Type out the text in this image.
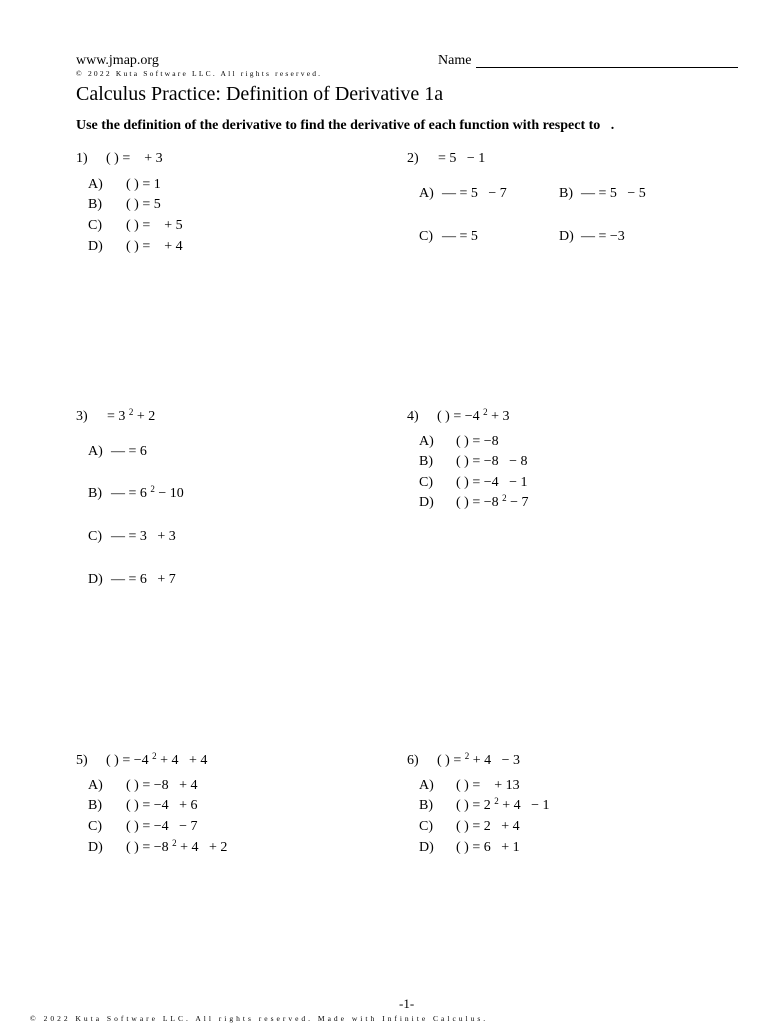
www.jmap.org	Name
© 2022 Kuta Software LLC. All rights reserved.
Calculus Practice: Definition of Derivative 1a
Use the definition of the derivative to find the derivative of each function with respect to   .
1) ( ) =    + 3
A) ( ) = 1
B) ( ) = 5
C) ( ) =    + 5
D) ( ) =    + 4
2) = 5   − 1
A) — = 5   − 7	B) — = 5   − 5
C) — = 5	D) — = −3
3) = 3 $^2$ + 2
A) — = 6
B) — = 6 $^2$ − 10
C) — = 3   + 3
D) — = 6   + 7
4) ( ) = −4 $^2$ + 3
A) ( ) = −8
B) ( ) = −8   − 8
C) ( ) = −4   − 1
D) ( ) = −8 $^2$ − 7
5) ( ) = −4 $^2$ + 4   + 4
A) ( ) = −8   + 4
B) ( ) = −4   + 6
C) ( ) = −4   − 7
D) ( ) = −8 $^2$ + 4   + 2
6) ( ) = $^2$ + 4   − 3
A) ( ) =    + 13
B) ( ) = 2 $^2$ + 4   − 1
C) ( ) = 2   + 4
D) ( ) = 6   + 1
-1-
© 2022 Kuta Software LLC. All rights reserved. Made with Infinite Calculus.
